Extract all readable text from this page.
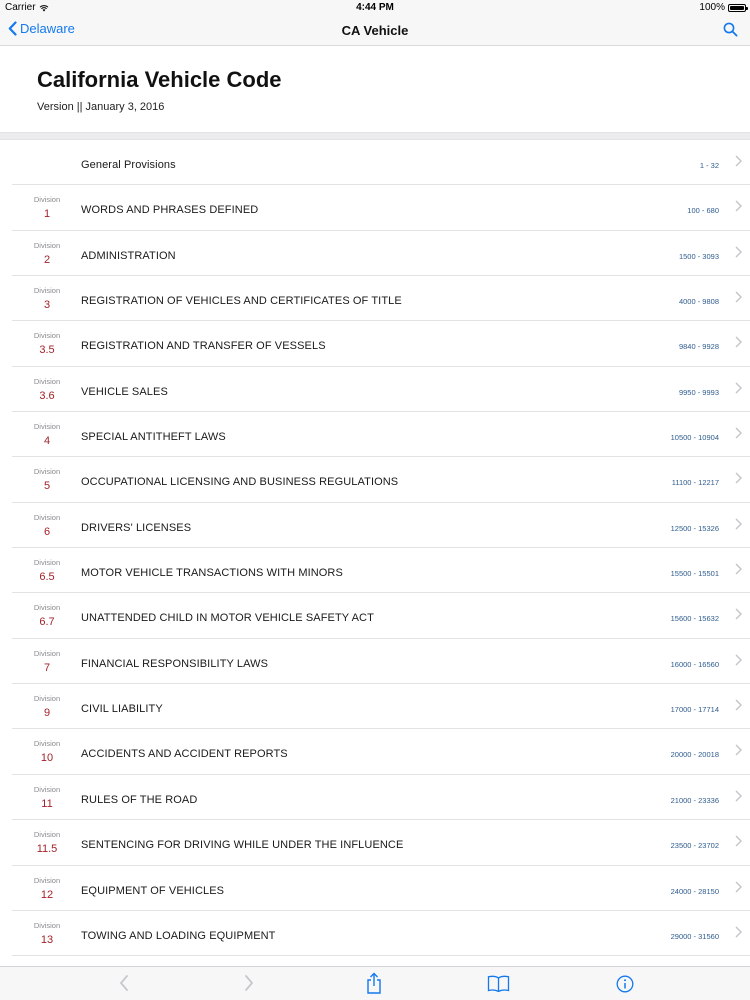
Carrier	4:44 PM	100%
Delaware	CA Vehicle
California Vehicle Code
Version || January 3, 2016
General Provisions	1 - 32
Division
1	WORDS AND PHRASES DEFINED	100 - 680
Division
2	ADMINISTRATION	1500 - 3093
Division
3	REGISTRATION OF VEHICLES AND CERTIFICATES OF TITLE	4000 - 9808
Division
3.5	REGISTRATION AND TRANSFER OF VESSELS	9840 - 9928
Division
3.6	VEHICLE SALES	9950 - 9993
Division
4	SPECIAL ANTITHEFT LAWS	10500 - 10904
Division
5	OCCUPATIONAL LICENSING AND BUSINESS REGULATIONS	11100 - 12217
Division
6	DRIVERS' LICENSES	12500 - 15326
Division
6.5	MOTOR VEHICLE TRANSACTIONS WITH MINORS	15500 - 15501
Division
6.7	UNATTENDED CHILD IN MOTOR VEHICLE SAFETY ACT	15600 - 15632
Division
7	FINANCIAL RESPONSIBILITY LAWS	16000 - 16560
Division
9	CIVIL LIABILITY	17000 - 17714
Division
10	ACCIDENTS AND ACCIDENT REPORTS	20000 - 20018
Division
11	RULES OF THE ROAD	21000 - 23336
Division
11.5	SENTENCING FOR DRIVING WHILE UNDER THE INFLUENCE	23500 - 23702
Division
12	EQUIPMENT OF VEHICLES	24000 - 28150
Division
13	TOWING AND LOADING EQUIPMENT	29000 - 31560
